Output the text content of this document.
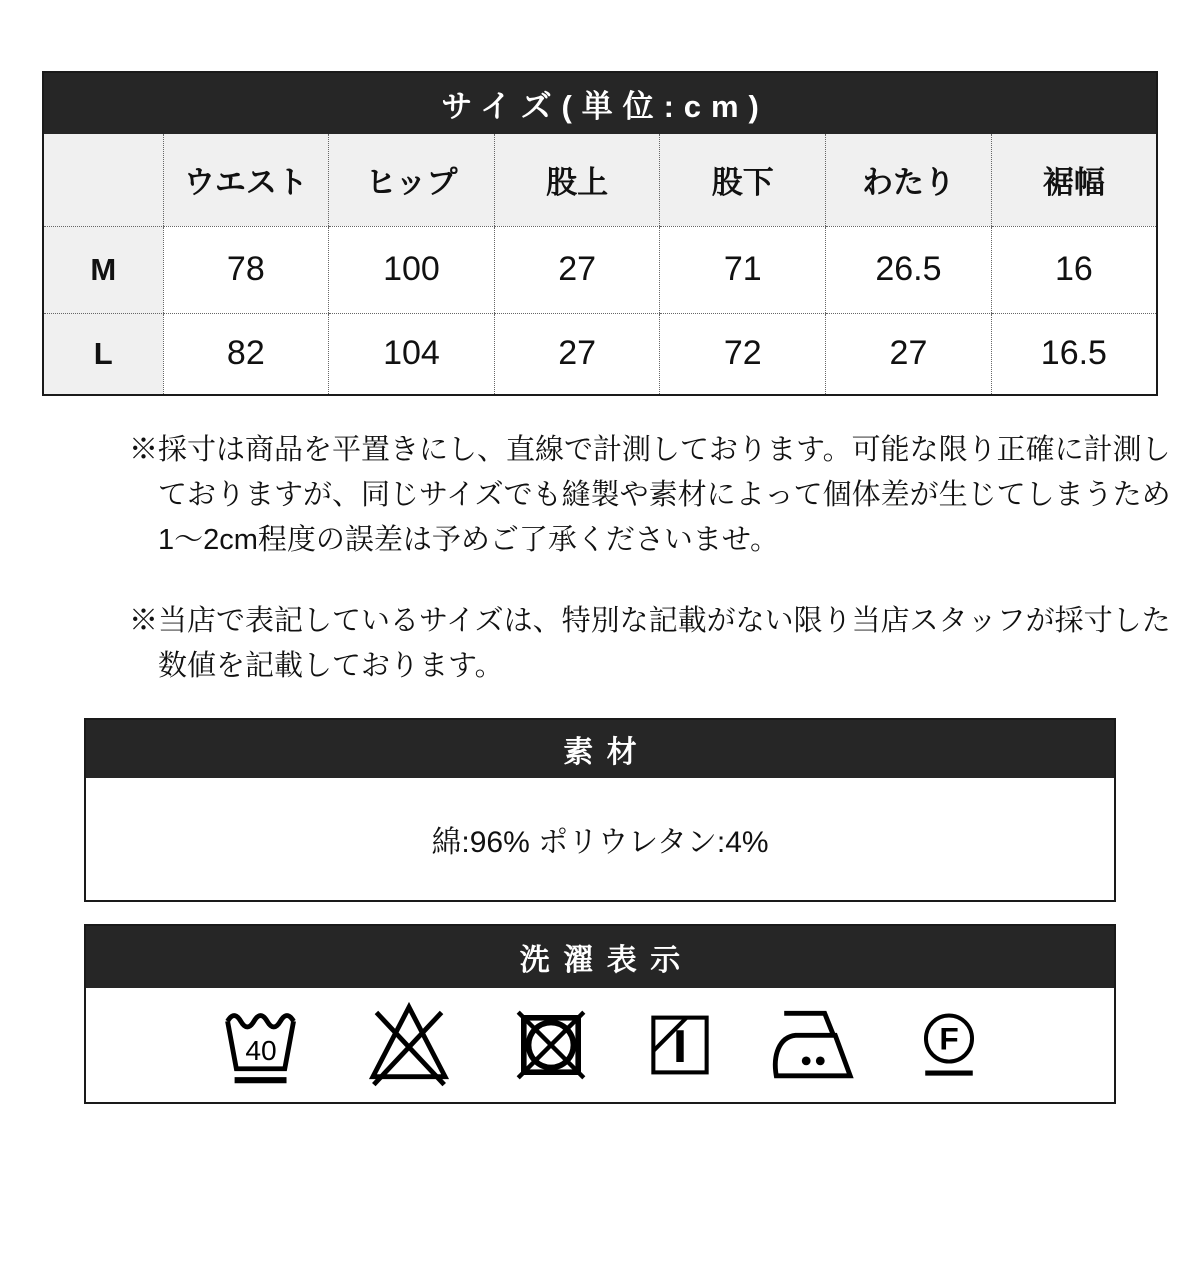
サイズ(単位:cm)						
	ウエスト	ヒップ	股上	股下	わたり	裾幅
M	78	100	27	71	26.5	16
L	82	104	27	72	27	16.5
※採寸は商品を平置きにし、直線で計測しております。可能な限り正確に計測し
ておりますが、同じサイズでも縫製や素材によって個体差が生じてしまうため
1〜2cm程度の誤差は予めご了承くださいませ。
※当店で表記しているサイズは、特別な記載がない限り当店スタッフが採寸した
数値を記載しております。
素材
綿:96% ポリウレタン:4%
洗濯表示
40	F
